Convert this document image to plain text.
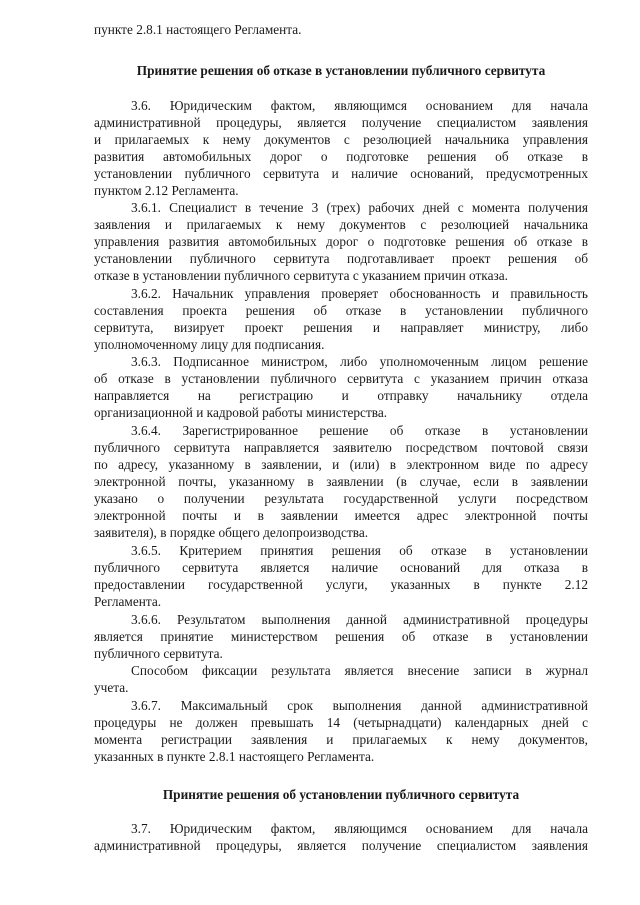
пункте 2.8.1 настоящего Регламента.
Принятие решения об отказе в установлении публичного сервитута
3.6. Юридическим фактом, являющимся основанием для начала
административной процедуры, является получение специалистом заявления
и прилагаемых к нему документов с резолюцией начальника управления
развития автомобильных дорог о подготовке решения об отказе в
установлении публичного сервитута и наличие оснований, предусмотренных
пунктом 2.12 Регламента.
3.6.1. Специалист в течение 3 (трех) рабочих дней с момента получения
заявления и прилагаемых к нему документов с резолюцией начальника
управления развития автомобильных дорог о подготовке решения об отказе в
установлении публичного сервитута подготавливает проект решения об
отказе в установлении публичного сервитута с указанием причин отказа.
3.6.2. Начальник управления проверяет обоснованность и правильность
составления проекта решения об отказе в установлении публичного
сервитута, визирует проект решения и направляет министру, либо
уполномоченному лицу для подписания.
3.6.3. Подписанное министром, либо уполномоченным лицом решение
об отказе в установлении публичного сервитута с указанием причин отказа
направляется на регистрацию и отправку начальнику отдела
организационной и кадровой работы министерства.
3.6.4. Зарегистрированное решение об отказе в установлении
публичного сервитута направляется заявителю посредством почтовой связи
по адресу, указанному в заявлении, и (или) в электронном виде по адресу
электронной почты, указанному в заявлении (в случае, если в заявлении
указано о получении результата государственной услуги посредством
электронной почты и в заявлении имеется адрес электронной почты
заявителя), в порядке общего делопроизводства.
3.6.5. Критерием принятия решения об отказе в установлении
публичного сервитута является наличие оснований для отказа в
предоставлении государственной услуги, указанных в пункте 2.12
Регламента.
3.6.6. Результатом выполнения данной административной процедуры
является принятие министерством решения об отказе в установлении
публичного сервитута.
Способом фиксации результата является внесение записи в журнал
учета.
3.6.7. Максимальный срок выполнения данной административной
процедуры не должен превышать 14 (четырнадцати) календарных дней с
момента регистрации заявления и прилагаемых к нему документов,
указанных в пункте 2.8.1 настоящего Регламента.
Принятие решения об установлении публичного сервитута
3.7. Юридическим фактом, являющимся основанием для начала
административной процедуры, является получение специалистом заявления
